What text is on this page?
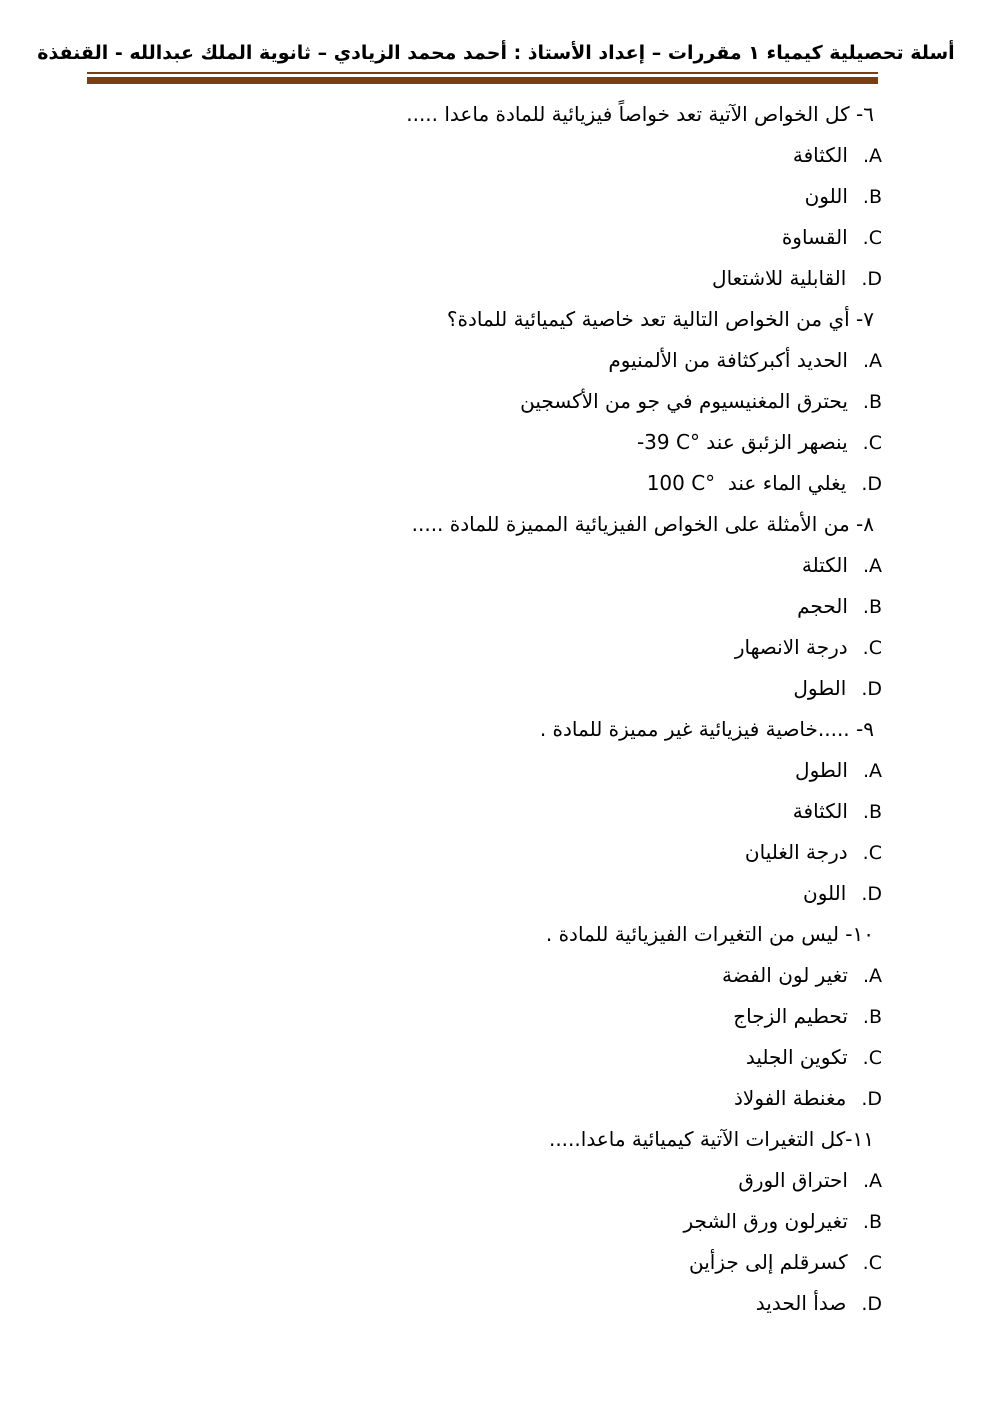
أسلة تحصيلية كيمياء ١ مقررات – إعداد الأستاذ : أحمد محمد الزيادي – ثانوية الملك عبدالله - القنفذة
٦- كل الخواص الآتية تعد خواصاً فيزيائية للمادة ماعدا .....
A.الكثافة
B.اللون
C.القساوة
D.القابلية للاشتعال
٧- أي من الخواص التالية تعد خاصية كيميائية للمادة؟
A.الحديد أكبركثافة من الألمنيوم
B.يحترق المغنيسيوم في جو من الأكسجين
C.ينصهر الزئبق عند ‎-39 C°‎
D.يغلي الماء عند  ‎100 C°‎
٨- من الأمثلة على الخواص الفيزيائية المميزة للمادة .....
A.الكتلة
B.الحجم
C.درجة الانصهار
D.الطول
٩- .....خاصية فيزيائية غير مميزة للمادة .
A.الطول
B.الكثافة
C.درجة الغليان
D.اللون
١٠- ليس من التغيرات الفيزيائية للمادة .
A.تغير لون الفضة
B.تحطيم الزجاج
C.تكوين الجليد
D.مغنطة الفولاذ
١١-كل التغيرات الآتية كيميائية ماعدا.....
A.احتراق الورق
B.تغيرلون ورق الشجر
C.كسرقلم إلى جزأين
D.صدأ الحديد
